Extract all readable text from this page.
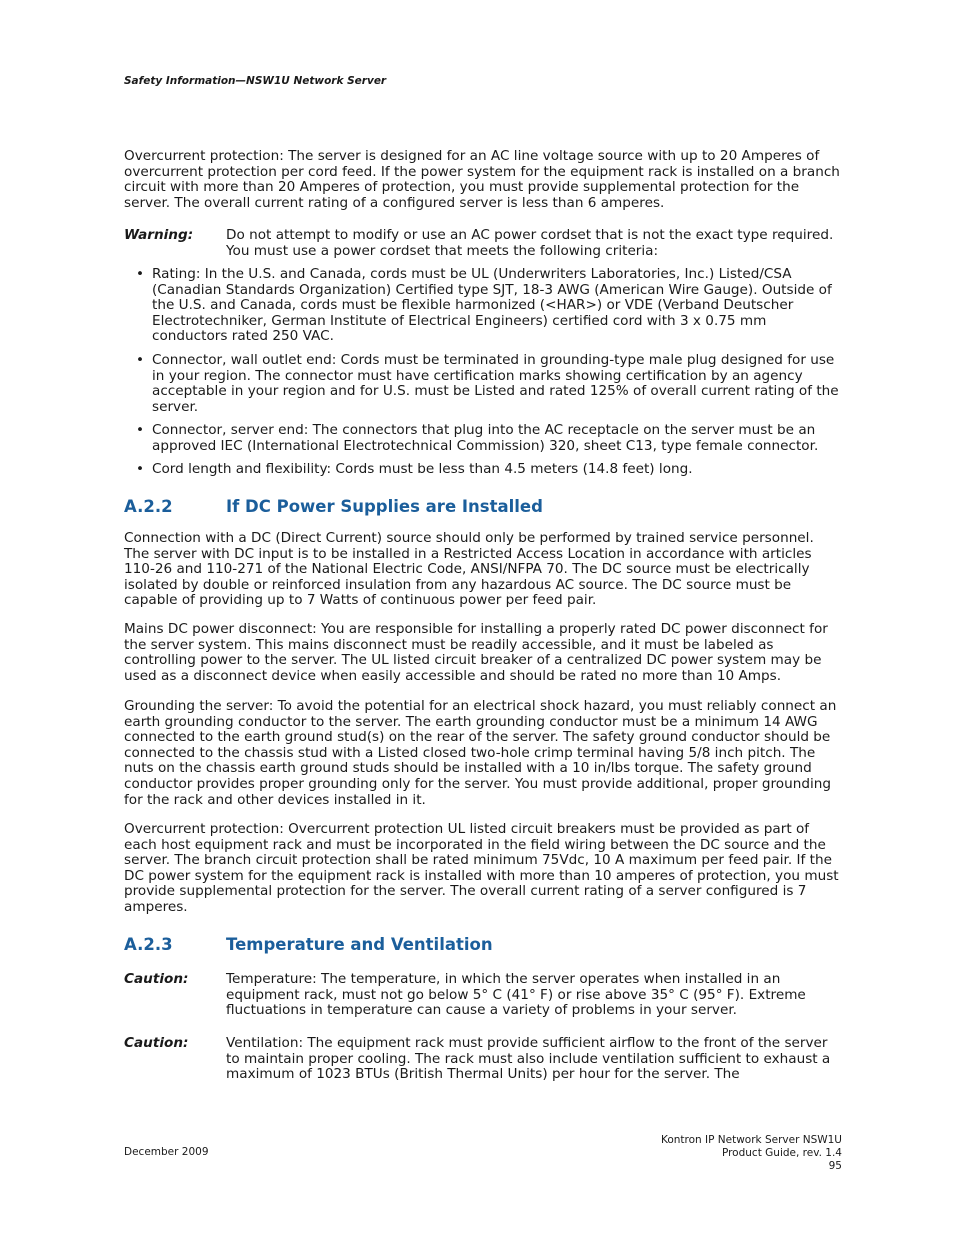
Safety Information—NSW1U Network Server

Overcurrent protection: The server is designed for an AC line voltage source with up to 20 Amperes of overcurrent protection per cord feed. If the power system for the equipment rack is installed on a branch circuit with more than 20 Amperes of protection, you must provide supplemental protection for the server. The overall current rating of a configured server is less than 6 amperes.

Warning: Do not attempt to modify or use an AC power cordset that is not the exact type required. You must use a power cordset that meets the following criteria:
• Rating: In the U.S. and Canada, cords must be UL (Underwriters Laboratories, Inc.) Listed/CSA (Canadian Standards Organization) Certified type SJT, 18-3 AWG (American Wire Gauge). Outside of the U.S. and Canada, cords must be flexible harmonized (<HAR>) or VDE (Verband Deutscher Electrotechniker, German Institute of Electrical Engineers) certified cord with 3 x 0.75 mm conductors rated 250 VAC.
• Connector, wall outlet end: Cords must be terminated in grounding-type male plug designed for use in your region. The connector must have certification marks showing certification by an agency acceptable in your region and for U.S. must be Listed and rated 125% of overall current rating of the server.
• Connector, server end: The connectors that plug into the AC receptacle on the server must be an approved IEC (International Electrotechnical Commission) 320, sheet C13, type female connector.
• Cord length and flexibility: Cords must be less than 4.5 meters (14.8 feet) long.
A.2.2	If DC Power Supplies are Installed

Connection with a DC (Direct Current) source should only be performed by trained service personnel. The server with DC input is to be installed in a Restricted Access Location in accordance with articles 110-26 and 110-271 of the National Electric Code, ANSI/NFPA 70. The DC source must be electrically isolated by double or reinforced insulation from any hazardous AC source. The DC source must be capable of providing up to 7 Watts of continuous power per feed pair.

Mains DC power disconnect: You are responsible for installing a properly rated DC power disconnect for the server system. This mains disconnect must be readily accessible, and it must be labeled as controlling power to the server. The UL listed circuit breaker of a centralized DC power system may be used as a disconnect device when easily accessible and should be rated no more than 10 Amps.

Grounding the server: To avoid the potential for an electrical shock hazard, you must reliably connect an earth grounding conductor to the server. The earth grounding conductor must be a minimum 14 AWG connected to the earth ground stud(s) on the rear of the server. The safety ground conductor should be connected to the chassis stud with a Listed closed two-hole crimp terminal having 5/8 inch pitch. The nuts on the chassis earth ground studs should be installed with a 10 in/lbs torque. The safety ground conductor provides proper grounding only for the server. You must provide additional, proper grounding for the rack and other devices installed in it.

Overcurrent protection: Overcurrent protection UL listed circuit breakers must be provided as part of each host equipment rack and must be incorporated in the field wiring between the DC source and the server. The branch circuit protection shall be rated minimum 75Vdc, 10 A maximum per feed pair. If the DC power system for the equipment rack is installed with more than 10 amperes of protection, you must provide supplemental protection for the server. The overall current rating of a server configured is 7 amperes.

A.2.3	Temperature and Ventilation
Caution:	Temperature: The temperature, in which the server operates when installed in an equipment rack, must not go below 5° C (41° F) or rise above 35° C (95° F). Extreme fluctuations in temperature can cause a variety of problems in your server.
Caution:	Ventilation: The equipment rack must provide sufficient airflow to the front of the server to maintain proper cooling. The rack must also include ventilation sufficient to exhaust a maximum of 1023 BTUs (British Thermal Units) per hour for the server. The
December 2009
Kontron IP Network Server NSW1U
Product Guide, rev. 1.4
95
